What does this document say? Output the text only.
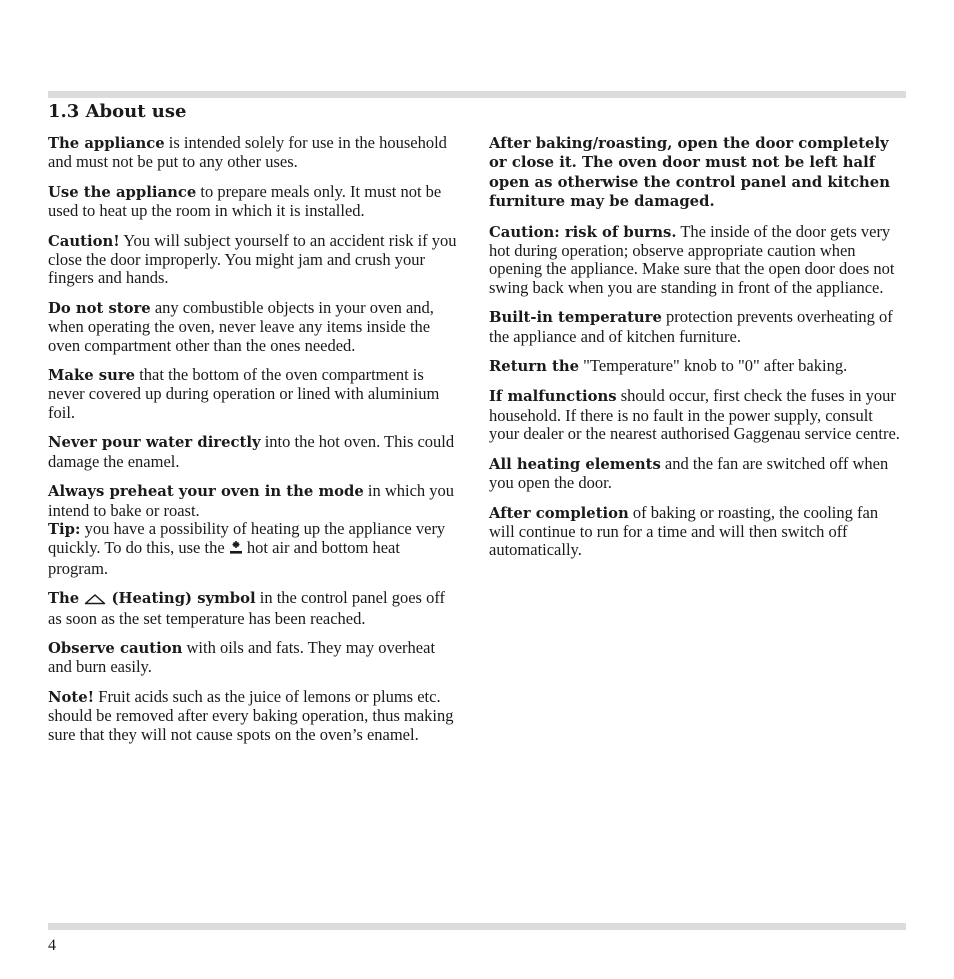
1.3 About use

The appliance is intended solely for use in the household and must not be put to any other uses.

Use the appliance to prepare meals only. It must not be used to heat up the room in which it is installed.

Caution! You will subject yourself to an accident risk if you close the door improperly. You might jam and crush your fingers and hands.

Do not store any combustible objects in your oven and, when operating the oven, never leave any items inside the oven compartment other than the ones needed.

Make sure that the bottom of the oven compartment is never covered up during operation or lined with aluminium foil.

Never pour water directly into the hot oven. This could damage the enamel.

Always preheat your oven in the mode in which you intend to bake or roast.

Tip: you have a possibility of heating up the appliance very quickly. To do this, use the  hot air and bottom heat program.

The  (Heating) symbol in the control panel goes off as soon as the set temperature has been reached.

Observe caution with oils and fats. They may overheat and burn easily.

Note! Fruit acids such as the juice of lemons or plums etc. should be removed after every baking operation, thus making sure that they will not cause spots on the oven’s enamel.

After baking/roasting, open the door completely or close it. The oven door must not be left half open as otherwise the control panel and kitchen furniture may be damaged.

Caution: risk of burns. The inside of the door gets very hot during operation; observe appropriate caution when opening the appliance. Make sure that the open door does not swing back when you are standing in front of the appliance.

Built-in temperature protection prevents overheating of the appliance and of kitchen furniture.

Return the "Temperature" knob to "0" after baking.

If malfunctions should occur, first check the fuses in your household. If there is no fault in the power supply, consult your dealer or the nearest authorised Gaggenau service centre.

All heating elements and the fan are switched off when you open the door.

After completion of baking or roasting, the cooling fan will continue to run for a time and will then switch off automatically.

4
